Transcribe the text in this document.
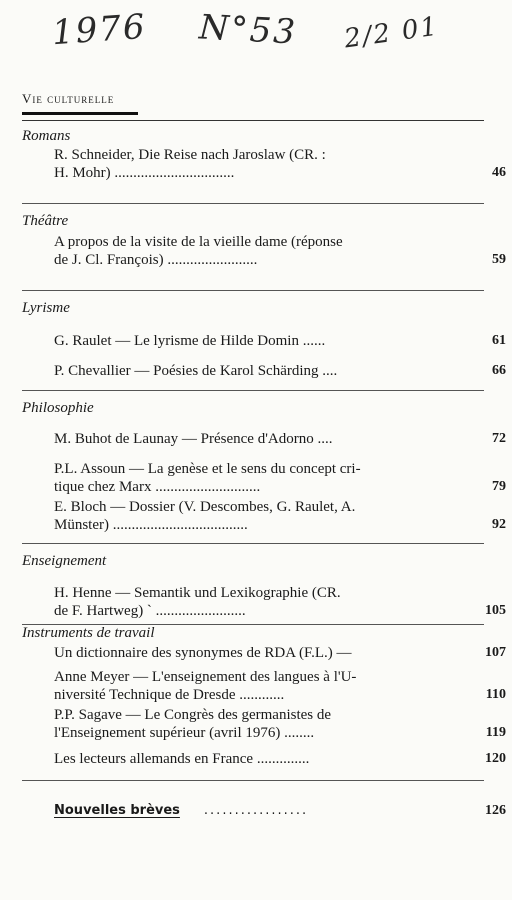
1976 N°53 2/2 01
Vie culturelle
Romans
R. Schneider, Die Reise nach Jaroslaw (CR. :
H. Mohr) ................................	46
Théâtre
A propos de la visite de la vieille dame (réponse
de J. Cl. François) ........................	59
Lyrisme
G. Raulet — Le lyrisme de Hilde Domin ......	61
P. Chevallier — Poésies de Karol Schärding ....	66
Philosophie
M. Buhot de Launay — Présence d'Adorno ....	72
P.L. Assoun — La genèse et le sens du concept cri-
tique chez Marx ............................	79
E. Bloch — Dossier (V. Descombes, G. Raulet, A.
Münster) ....................................	92
Enseignement
H. Henne — Semantik und Lexikographie (CR.
de F. Hartweg) ` ........................	105
Instruments de travail
Un dictionnaire des synonymes de RDA (F.L.) —	107
Anne Meyer — L'enseignement des langues à l'U-
niversité Technique de Dresde ............	110
P.P. Sagave — Le Congrès des germanistes de
l'Enseignement supérieur (avril 1976) ........	119
Les lecteurs allemands en France ..............	120
Nouvelles brèves .................	126
